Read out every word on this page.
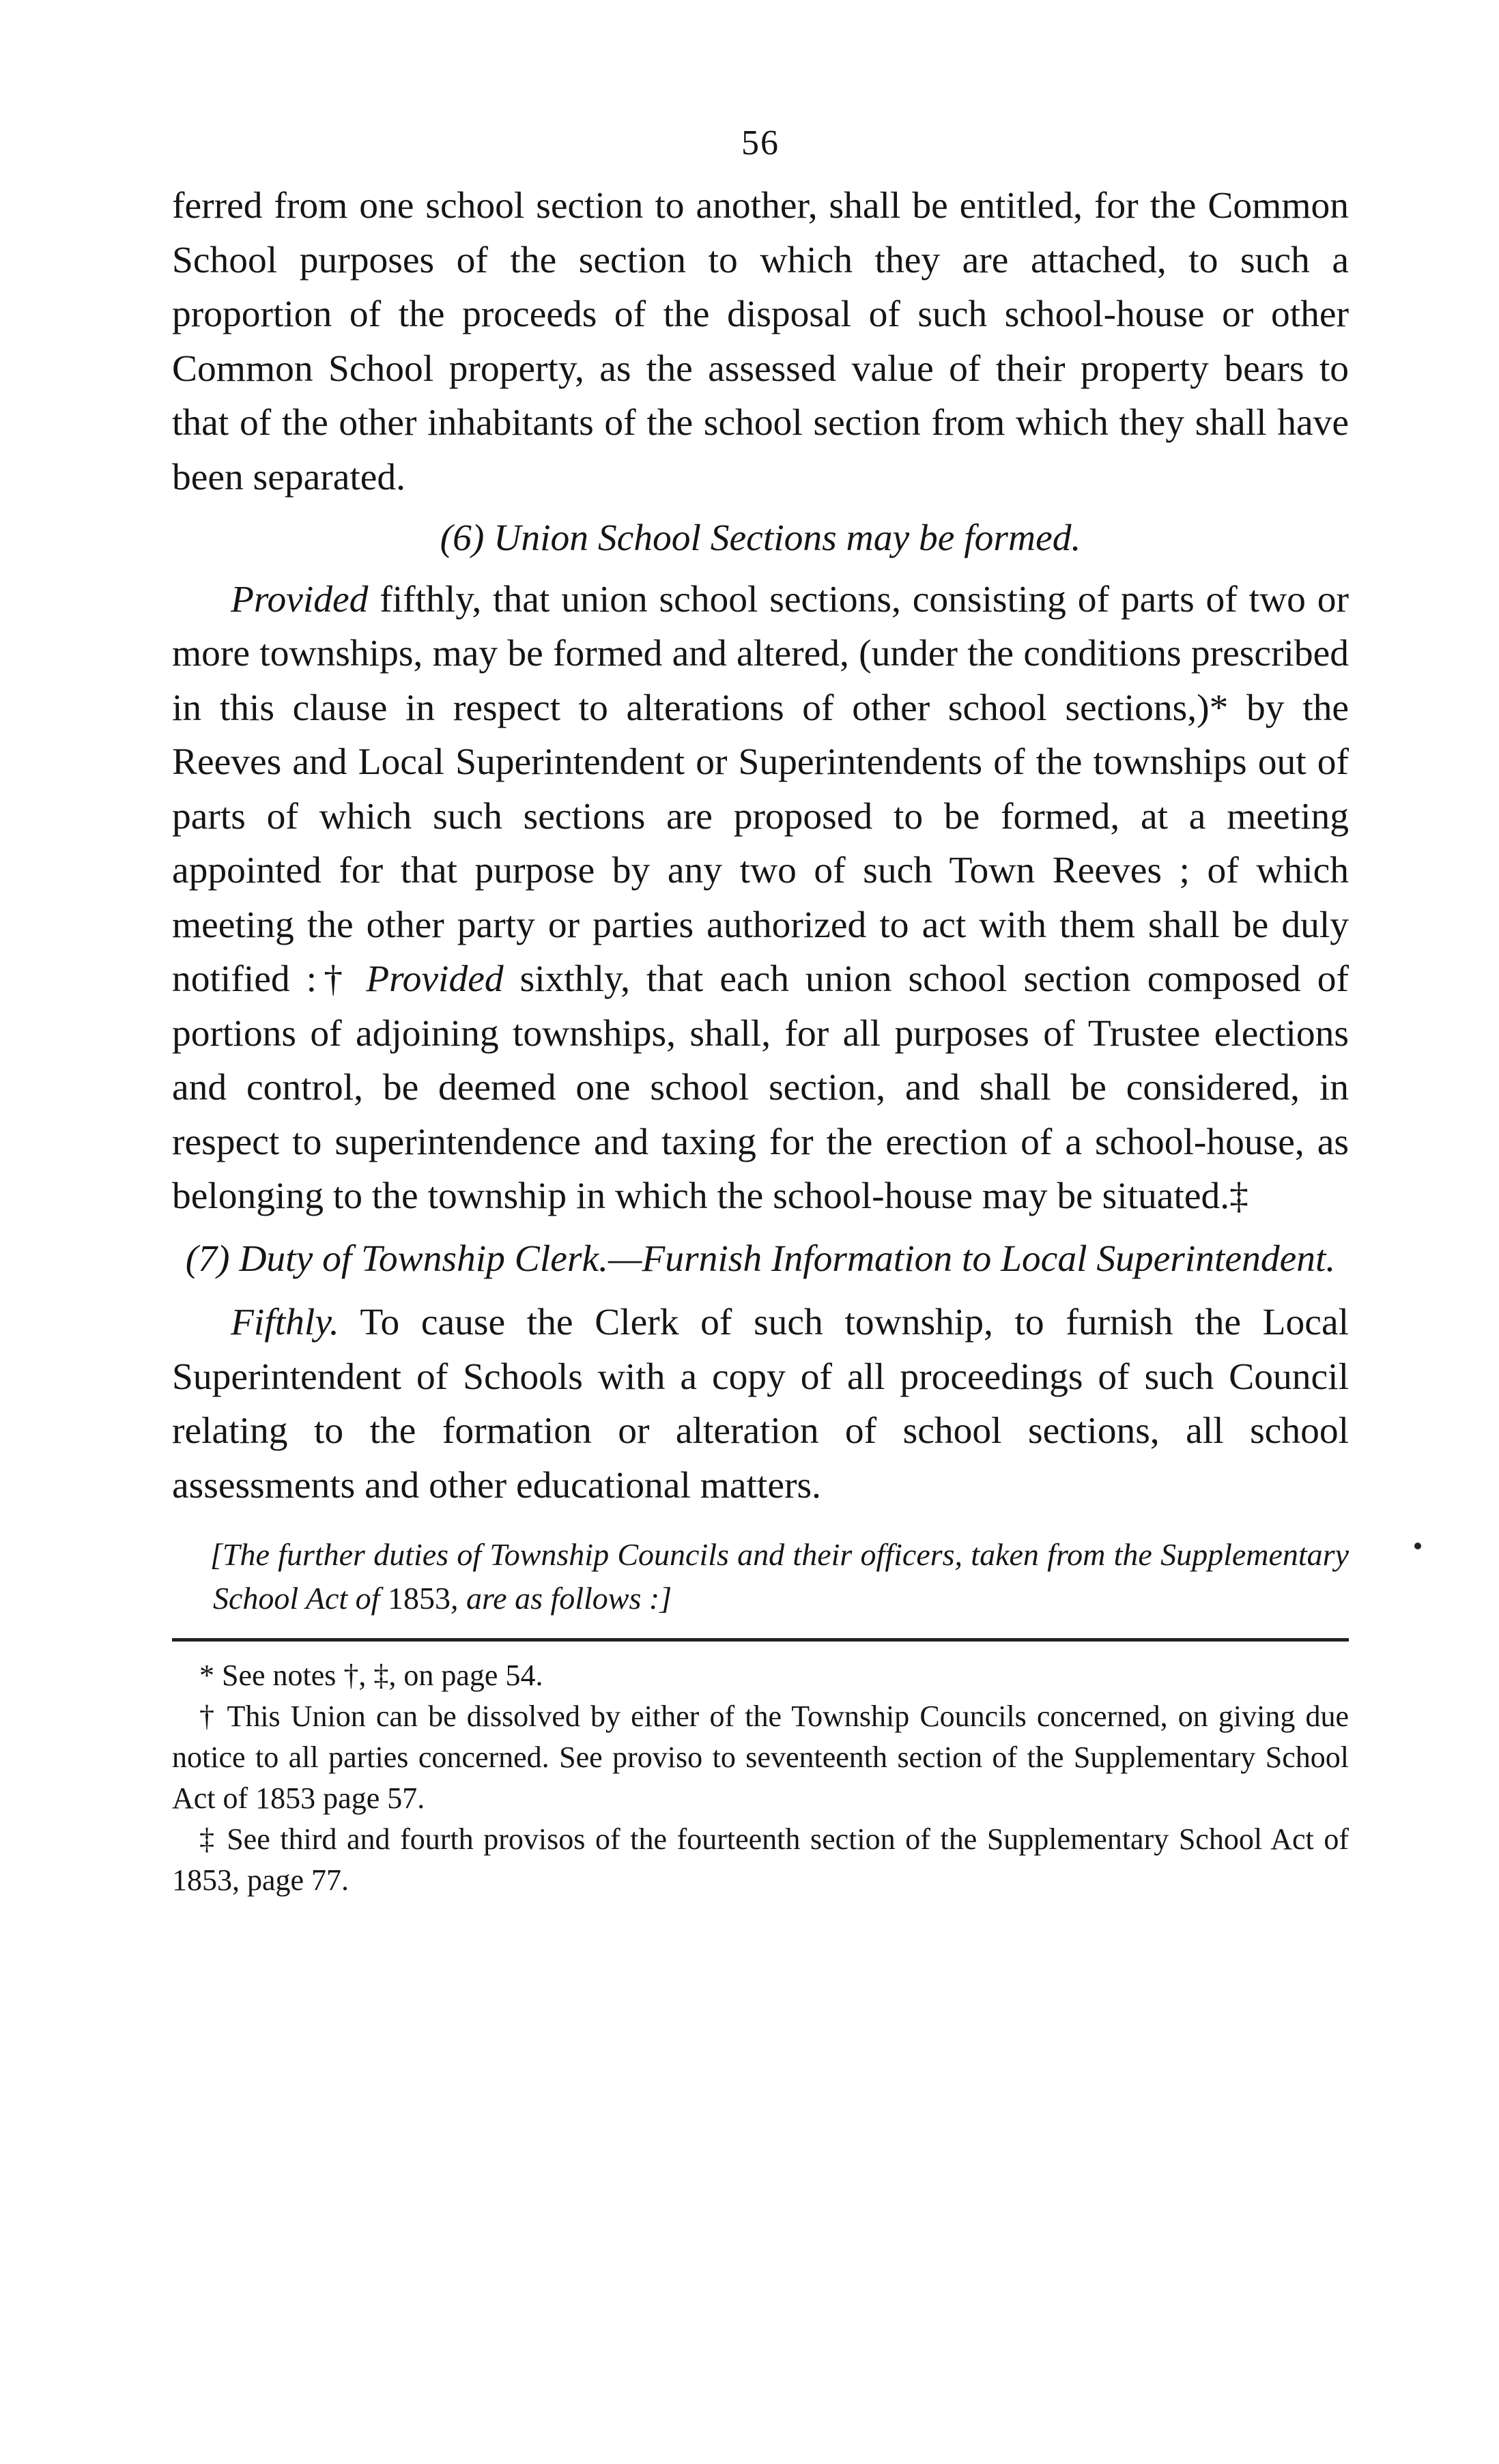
56

ferred from one school section to another, shall be entitled, for the Common School purposes of the section to which they are attached, to such a proportion of the proceeds of the disposal of such school-house or other Common School property, as the assessed value of their property bears to that of the other inhabitants of the school section from which they shall have been separated.

(6) Union School Sections may be formed.

Provided fifthly, that union school sections, consisting of parts of two or more townships, may be formed and altered, (under the conditions prescribed in this clause in respect to alterations of other school sections,)* by the Reeves and Local Superintendent or Superintendents of the townships out of parts of which such sections are proposed to be formed, at a meeting appointed for that purpose by any two of such Town Reeves ; of which meeting the other party or parties authorized to act with them shall be duly notified :† Provided sixthly, that each union school section composed of portions of adjoining townships, shall, for all purposes of Trustee elections and control, be deemed one school section, and shall be considered, in respect to superintendence and taxing for the erection of a school-house, as belonging to the township in which the school-house may be situated.‡

(7) Duty of Township Clerk.—Furnish Information to Local Superintendent.

Fifthly. To cause the Clerk of such township, to furnish the Local Superintendent of Schools with a copy of all proceedings of such Council relating to the formation or alteration of school sections, all school assessments and other educational matters.

[The further duties of Township Councils and their officers, taken from the Supplementary School Act of 1853, are as follows :]

* See notes †, ‡, on page 54.

† This Union can be dissolved by either of the Township Councils concerned, on giving due notice to all parties concerned. See proviso to seventeenth section of the Supplementary School Act of 1853 page 57.

‡ See third and fourth provisos of the fourteenth section of the Supplementary School Act of 1853, page 77.
